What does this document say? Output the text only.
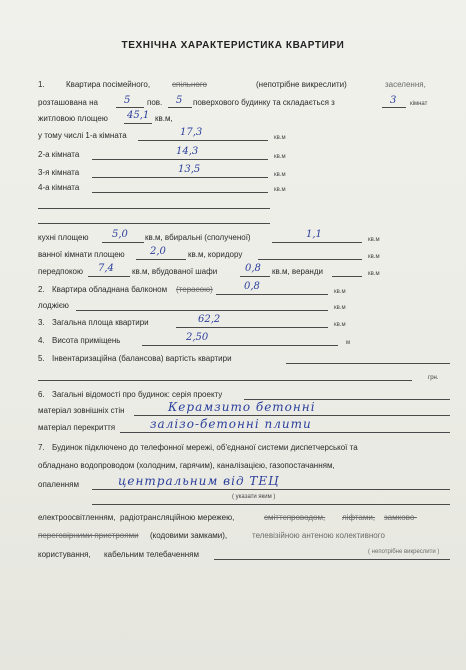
ТЕХНІЧНА ХАРАКТЕРИСТИКА КВАРТИРИ
1.	Квартира посімейного,	спільного	(непотрібне викреслити)	заселення,
розташована на	5 пов. 5 поверхового будинку та складається з	3 кімнат
житловою площею 45,1 кв.м,
у тому числі 1-а кімната	17,3	кв.м
2-а кімната	14,3	кв.м
3-я кімната	13,5	кв.м
4-а кімната	кв.м
кухні площею 5,0 кв.м, вбиральні (сполученої)	1,1	кв.м
ванної кімнати площею	2,0	кв.м, коридору	кв.м
передпокою 7,4 кв.м, вбудованої шафи	0,8 кв.м, веранди	кв.м
2. Квартира обладнана балконом (терасою)	0,8	кв.м
лоджією	кв.м
3. Загальна площа квартири	62,2	кв.м
4. Висота приміщень	2,50	м
5. Інвентаризаційна (балансова) вартість квартири
грн.
6. Загальні відомості про будинок: серія проекту
матеріал зовнішніх стін	Керамзито бетонні
матеріал перекриття	залізо-бетонні плити
7. Будинок підключено до телефонної мережі, об'єднаної системи диспетчерської та
обладнано водопроводом (холодним, гарячим), каналізацією, газопостачанням,
опаленням	центральним від ТЕЦ
( указати яким )
електроосвітленням, радіотрансляційною мережею,	сміттєпроводом, ліфтами, замково-
переговірними пристроями (кодовими замками),	телевізійною антеною колективного
користування, кабельним телебаченням	( непотрібне викреслити )
